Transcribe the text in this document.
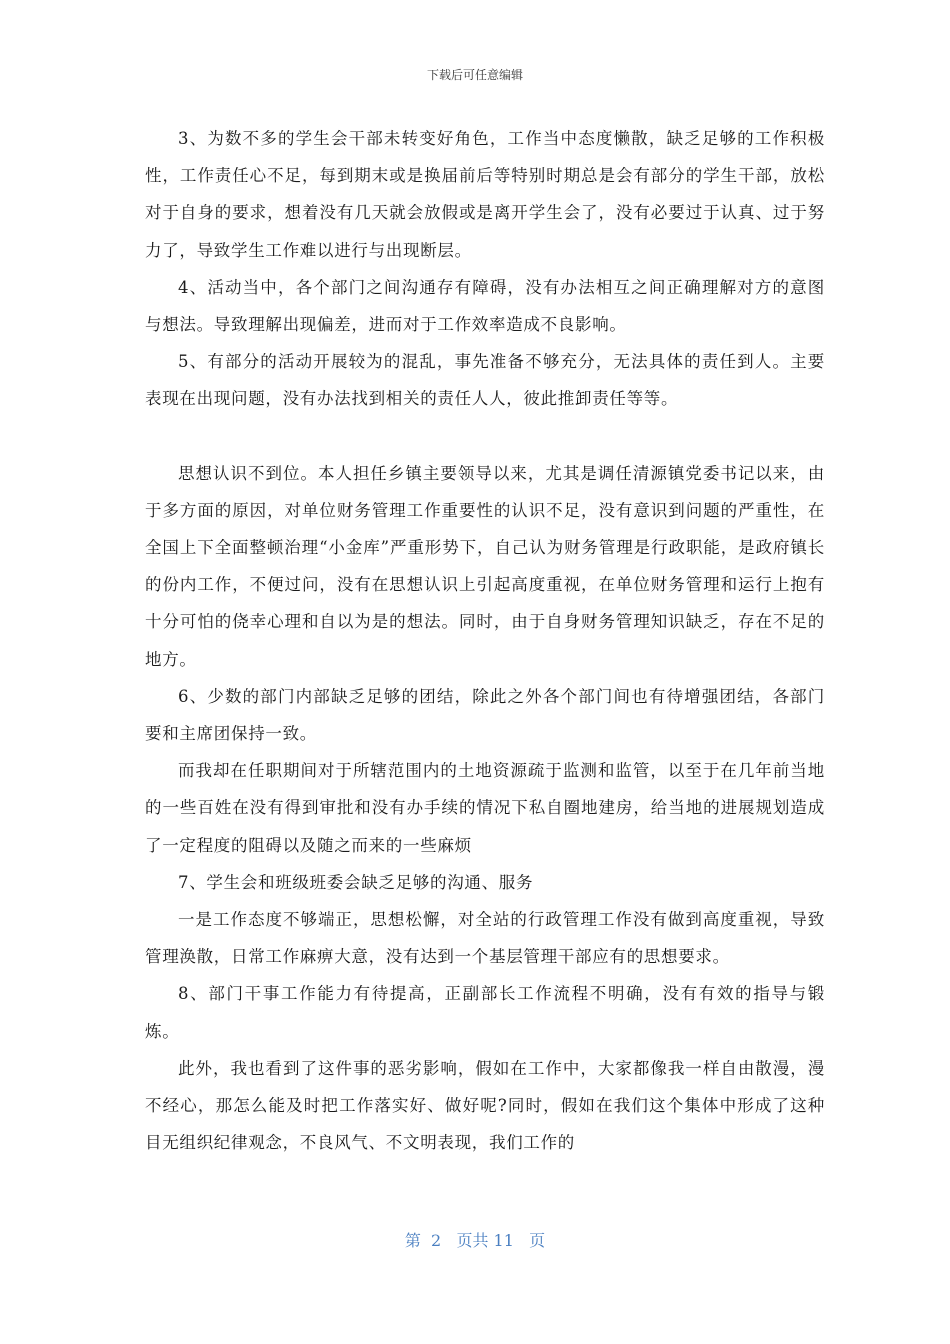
下载后可任意编辑

3、为数不多的学生会干部未转变好角色，工作当中态度懒散，缺乏足够的工作积极性，工作责任心不足，每到期末或是换届前后等特别时期总是会有部分的学生干部，放松对于自身的要求，想着没有几天就会放假或是离开学生会了，没有必要过于认真、过于努力了，导致学生工作难以进行与出现断层。

4、活动当中，各个部门之间沟通存有障碍，没有办法相互之间正确理解对方的意图与想法。导致理解出现偏差，进而对于工作效率造成不良影响。

5、有部分的活动开展较为的混乱，事先准备不够充分，无法具体的责任到人。主要表现在出现问题，没有办法找到相关的责任人人，彼此推卸责任等等。

思想认识不到位。本人担任乡镇主要领导以来，尤其是调任清源镇党委书记以来，由于多方面的原因，对单位财务管理工作重要性的认识不足，没有意识到问题的严重性，在全国上下全面整顿治理“小金库”严重形势下，自己认为财务管理是行政职能，是政府镇长的份内工作，不便过问，没有在思想认识上引起高度重视，在单位财务管理和运行上抱有十分可怕的侥幸心理和自以为是的想法。同时，由于自身财务管理知识缺乏，存在不足的地方。

6、少数的部门内部缺乏足够的团结，除此之外各个部门间也有待增强团结，各部门要和主席团保持一致。

而我却在任职期间对于所辖范围内的土地资源疏于监测和监管，以至于在几年前当地的一些百姓在没有得到审批和没有办手续的情况下私自圈地建房，给当地的进展规划造成了一定程度的阻碍以及随之而来的一些麻烦

7、学生会和班级班委会缺乏足够的沟通、服务

一是工作态度不够端正，思想松懈，对全站的行政管理工作没有做到高度重视，导致管理涣散，日常工作麻痹大意，没有达到一个基层管理干部应有的思想要求。

8、部门干事工作能力有待提高，正副部长工作流程不明确，没有有效的指导与锻炼。

此外，我也看到了这件事的恶劣影响，假如在工作中，大家都像我一样自由散漫，漫不经心，那怎么能及时把工作落实好、做好呢?同时，假如在我们这个集体中形成了这种目无组织纪律观念，不良风气、不文明表现，我们工作的

第  2   页共 11   页
